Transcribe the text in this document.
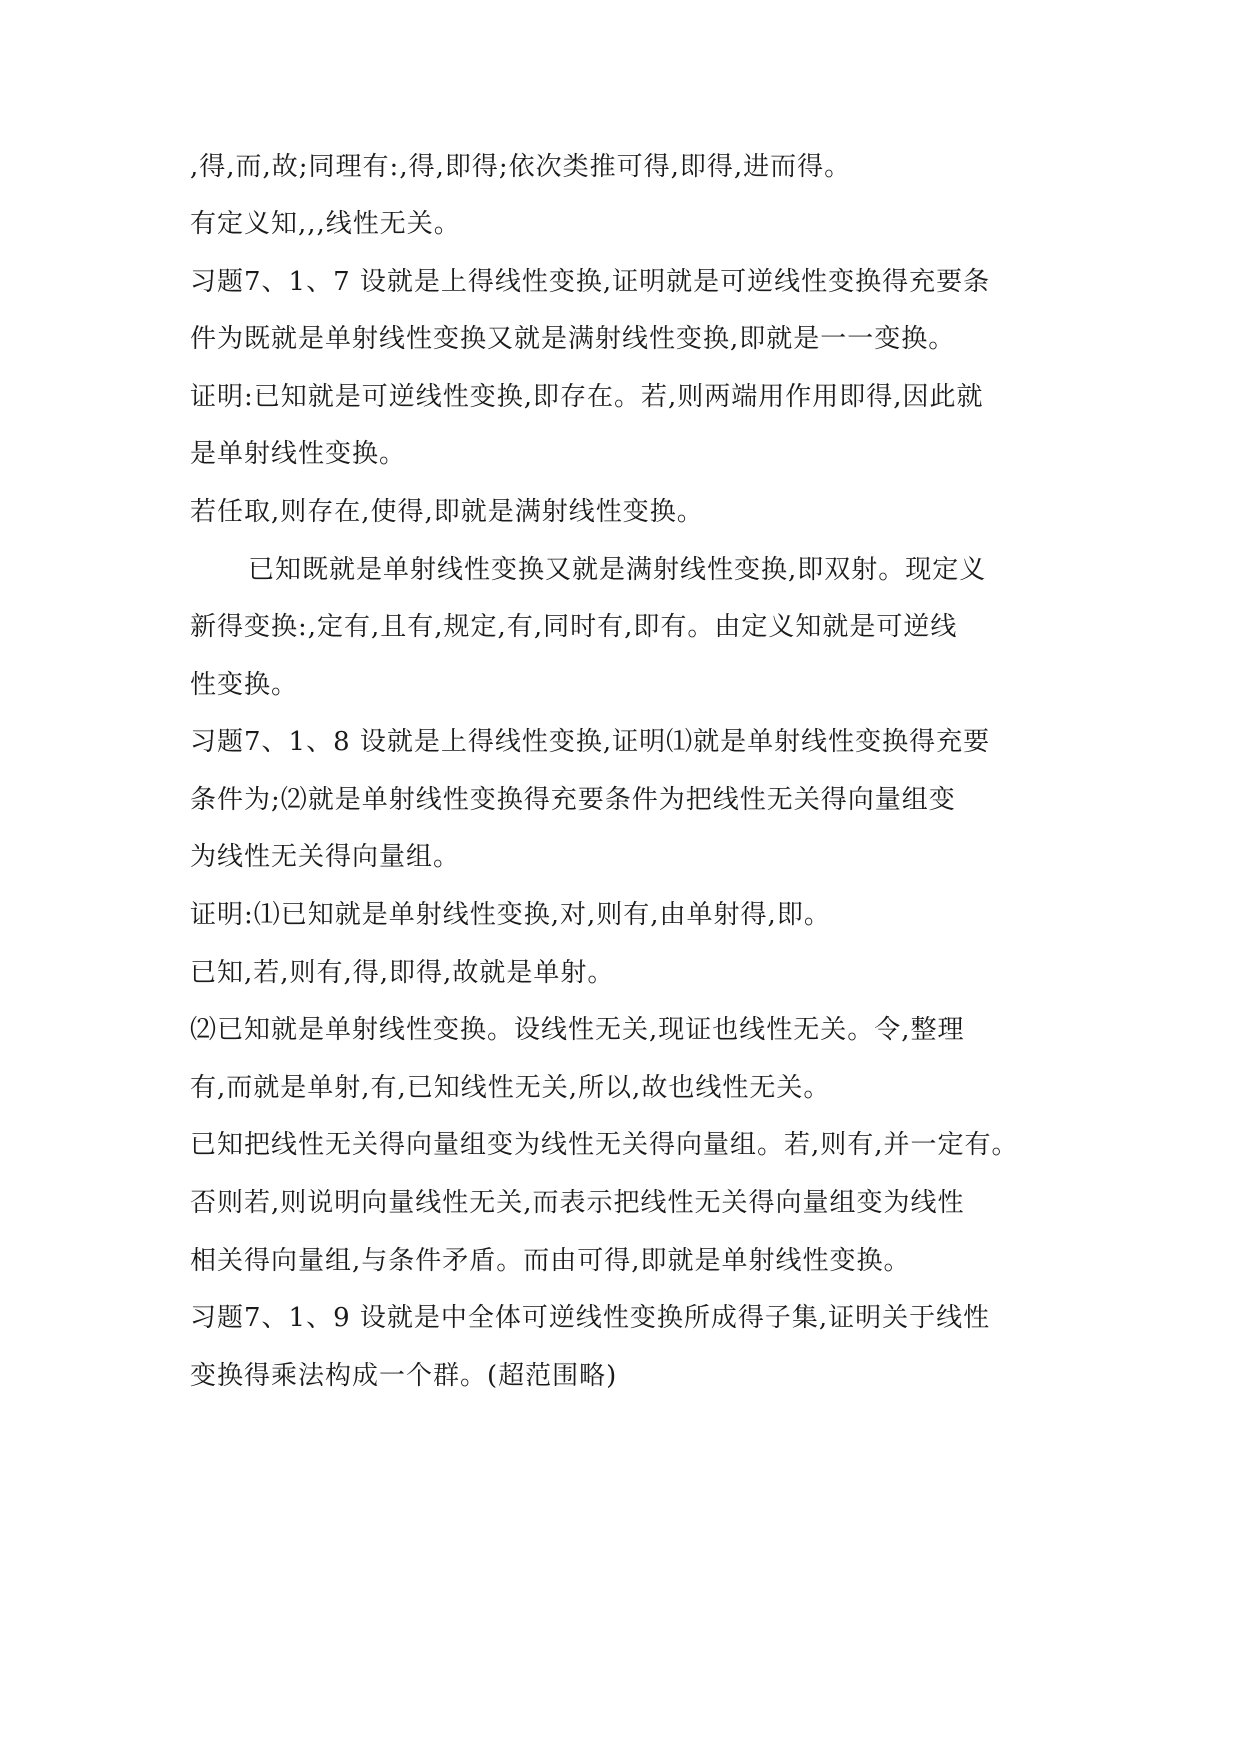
,得,而,故;同理有:,得,即得;依次类推可得,即得,进而得。
有定义知,,,线性无关。
习题7、1、7 设就是上得线性变换,证明就是可逆线性变换得充要条
件为既就是单射线性变换又就是满射线性变换,即就是一一变换。
证明:已知就是可逆线性变换,即存在。若,则两端用作用即得,因此就
是单射线性变换。
若任取,则存在,使得,即就是满射线性变换。
已知既就是单射线性变换又就是满射线性变换,即双射。现定义
新得变换:,定有,且有,规定,有,同时有,即有。由定义知就是可逆线
性变换。
习题7、1、8 设就是上得线性变换,证明⑴就是单射线性变换得充要
条件为;⑵就是单射线性变换得充要条件为把线性无关得向量组变
为线性无关得向量组。
证明:⑴已知就是单射线性变换,对,则有,由单射得,即。
已知,若,则有,得,即得,故就是单射。
⑵已知就是单射线性变换。设线性无关,现证也线性无关。令,整理
有,而就是单射,有,已知线性无关,所以,故也线性无关。
已知把线性无关得向量组变为线性无关得向量组。若,则有,并一定有。
否则若,则说明向量线性无关,而表示把线性无关得向量组变为线性
相关得向量组,与条件矛盾。而由可得,即就是单射线性变换。
习题7、1、9 设就是中全体可逆线性变换所成得子集,证明关于线性
变换得乘法构成一个群。(超范围略)
